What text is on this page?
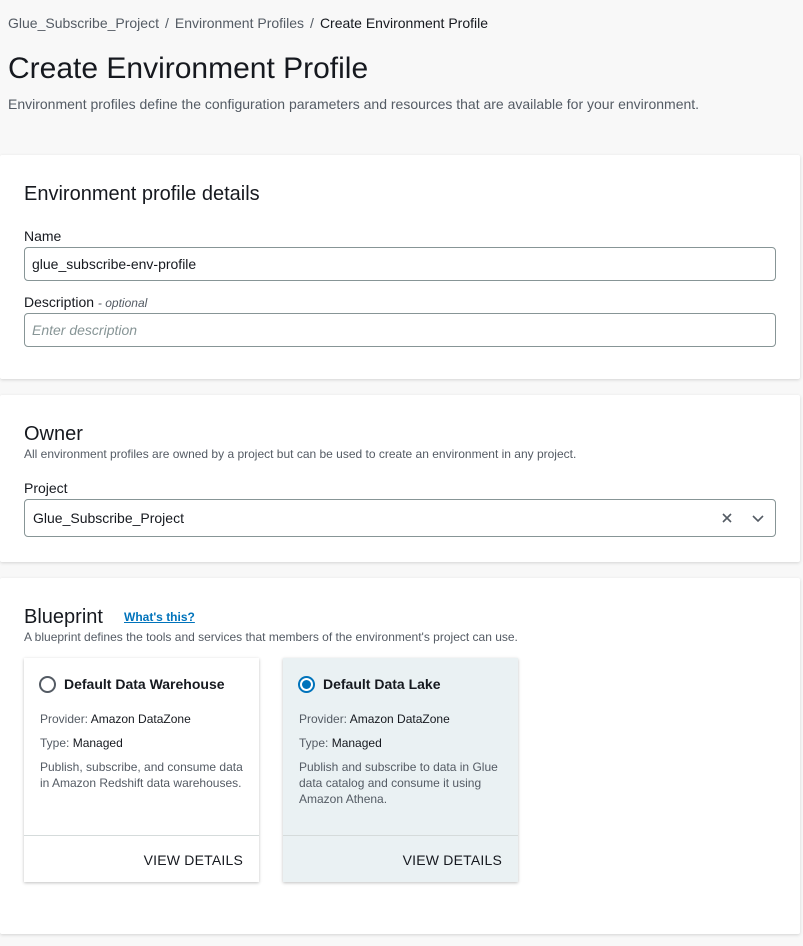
Glue_Subscribe_Project / Environment Profiles / Create Environment Profile
Create Environment Profile
Environment profiles define the configuration parameters and resources that are available for your environment.
Environment profile details
Name
glue_subscribe-env-profile
Description - optional
Enter description
Owner
All environment profiles are owned by a project but can be used to create an environment in any project.
Project
Glue_Subscribe_Project
Blueprint What's this?
A blueprint defines the tools and services that members of the environment's project can use.
Default Data Warehouse
Provider: Amazon DataZone
Type: Managed
Publish, subscribe, and consume data in Amazon Redshift data warehouses.
VIEW DETAILS
Default Data Lake
Provider: Amazon DataZone
Type: Managed
Publish and subscribe to data in Glue data catalog and consume it using Amazon Athena.
VIEW DETAILS
